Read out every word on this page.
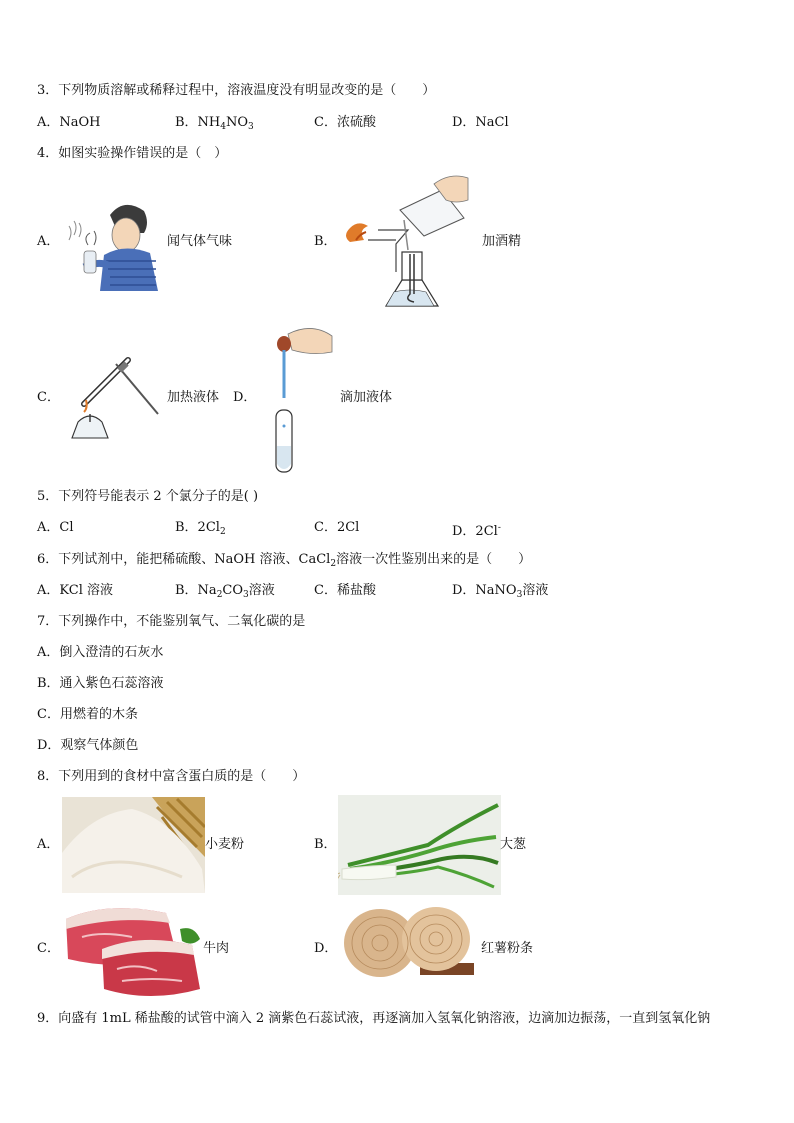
3．下列物质溶解或稀释过程中，溶液温度没有明显改变的是（　　）
A．NaOH	B．$NH_4NO_3$	C．浓硫酸	D．NaCl
4．如图实验操作错误的是（　）
A．	闻气体气味	B．	加酒精
C．	加热液体 D．	滴加液体
5．下列符号能表示 2 个氯分子的是( )
A．Cl	B．$2Cl_2$	C．2Cl	D．2Cl-
6．下列试剂中，能把稀硫酸、NaOH 溶液、CaCl$_2$溶液一次性鉴别出来的是（　　）
A．KCl 溶液	B．$Na_2CO_3$溶液	C．稀盐酸	D．NaNO$_3$溶液
7．下列操作中，不能鉴别氧气、二氧化碳的是
A．倒入澄清的石灰水
B．通入紫色石蕊溶液
C．用燃着的木条
D．观察气体颜色
8．下列用到的食材中富含蛋白质的是（　　）
A．	小麦粉	B．	大葱
C．	牛肉	D．	红薯粉条
9．向盛有 1mL 稀盐酸的试管中滴入 2 滴紫色石蕊试液，再逐滴加入氢氧化钠溶液，边滴加边振荡，一直到氢氧化钠
